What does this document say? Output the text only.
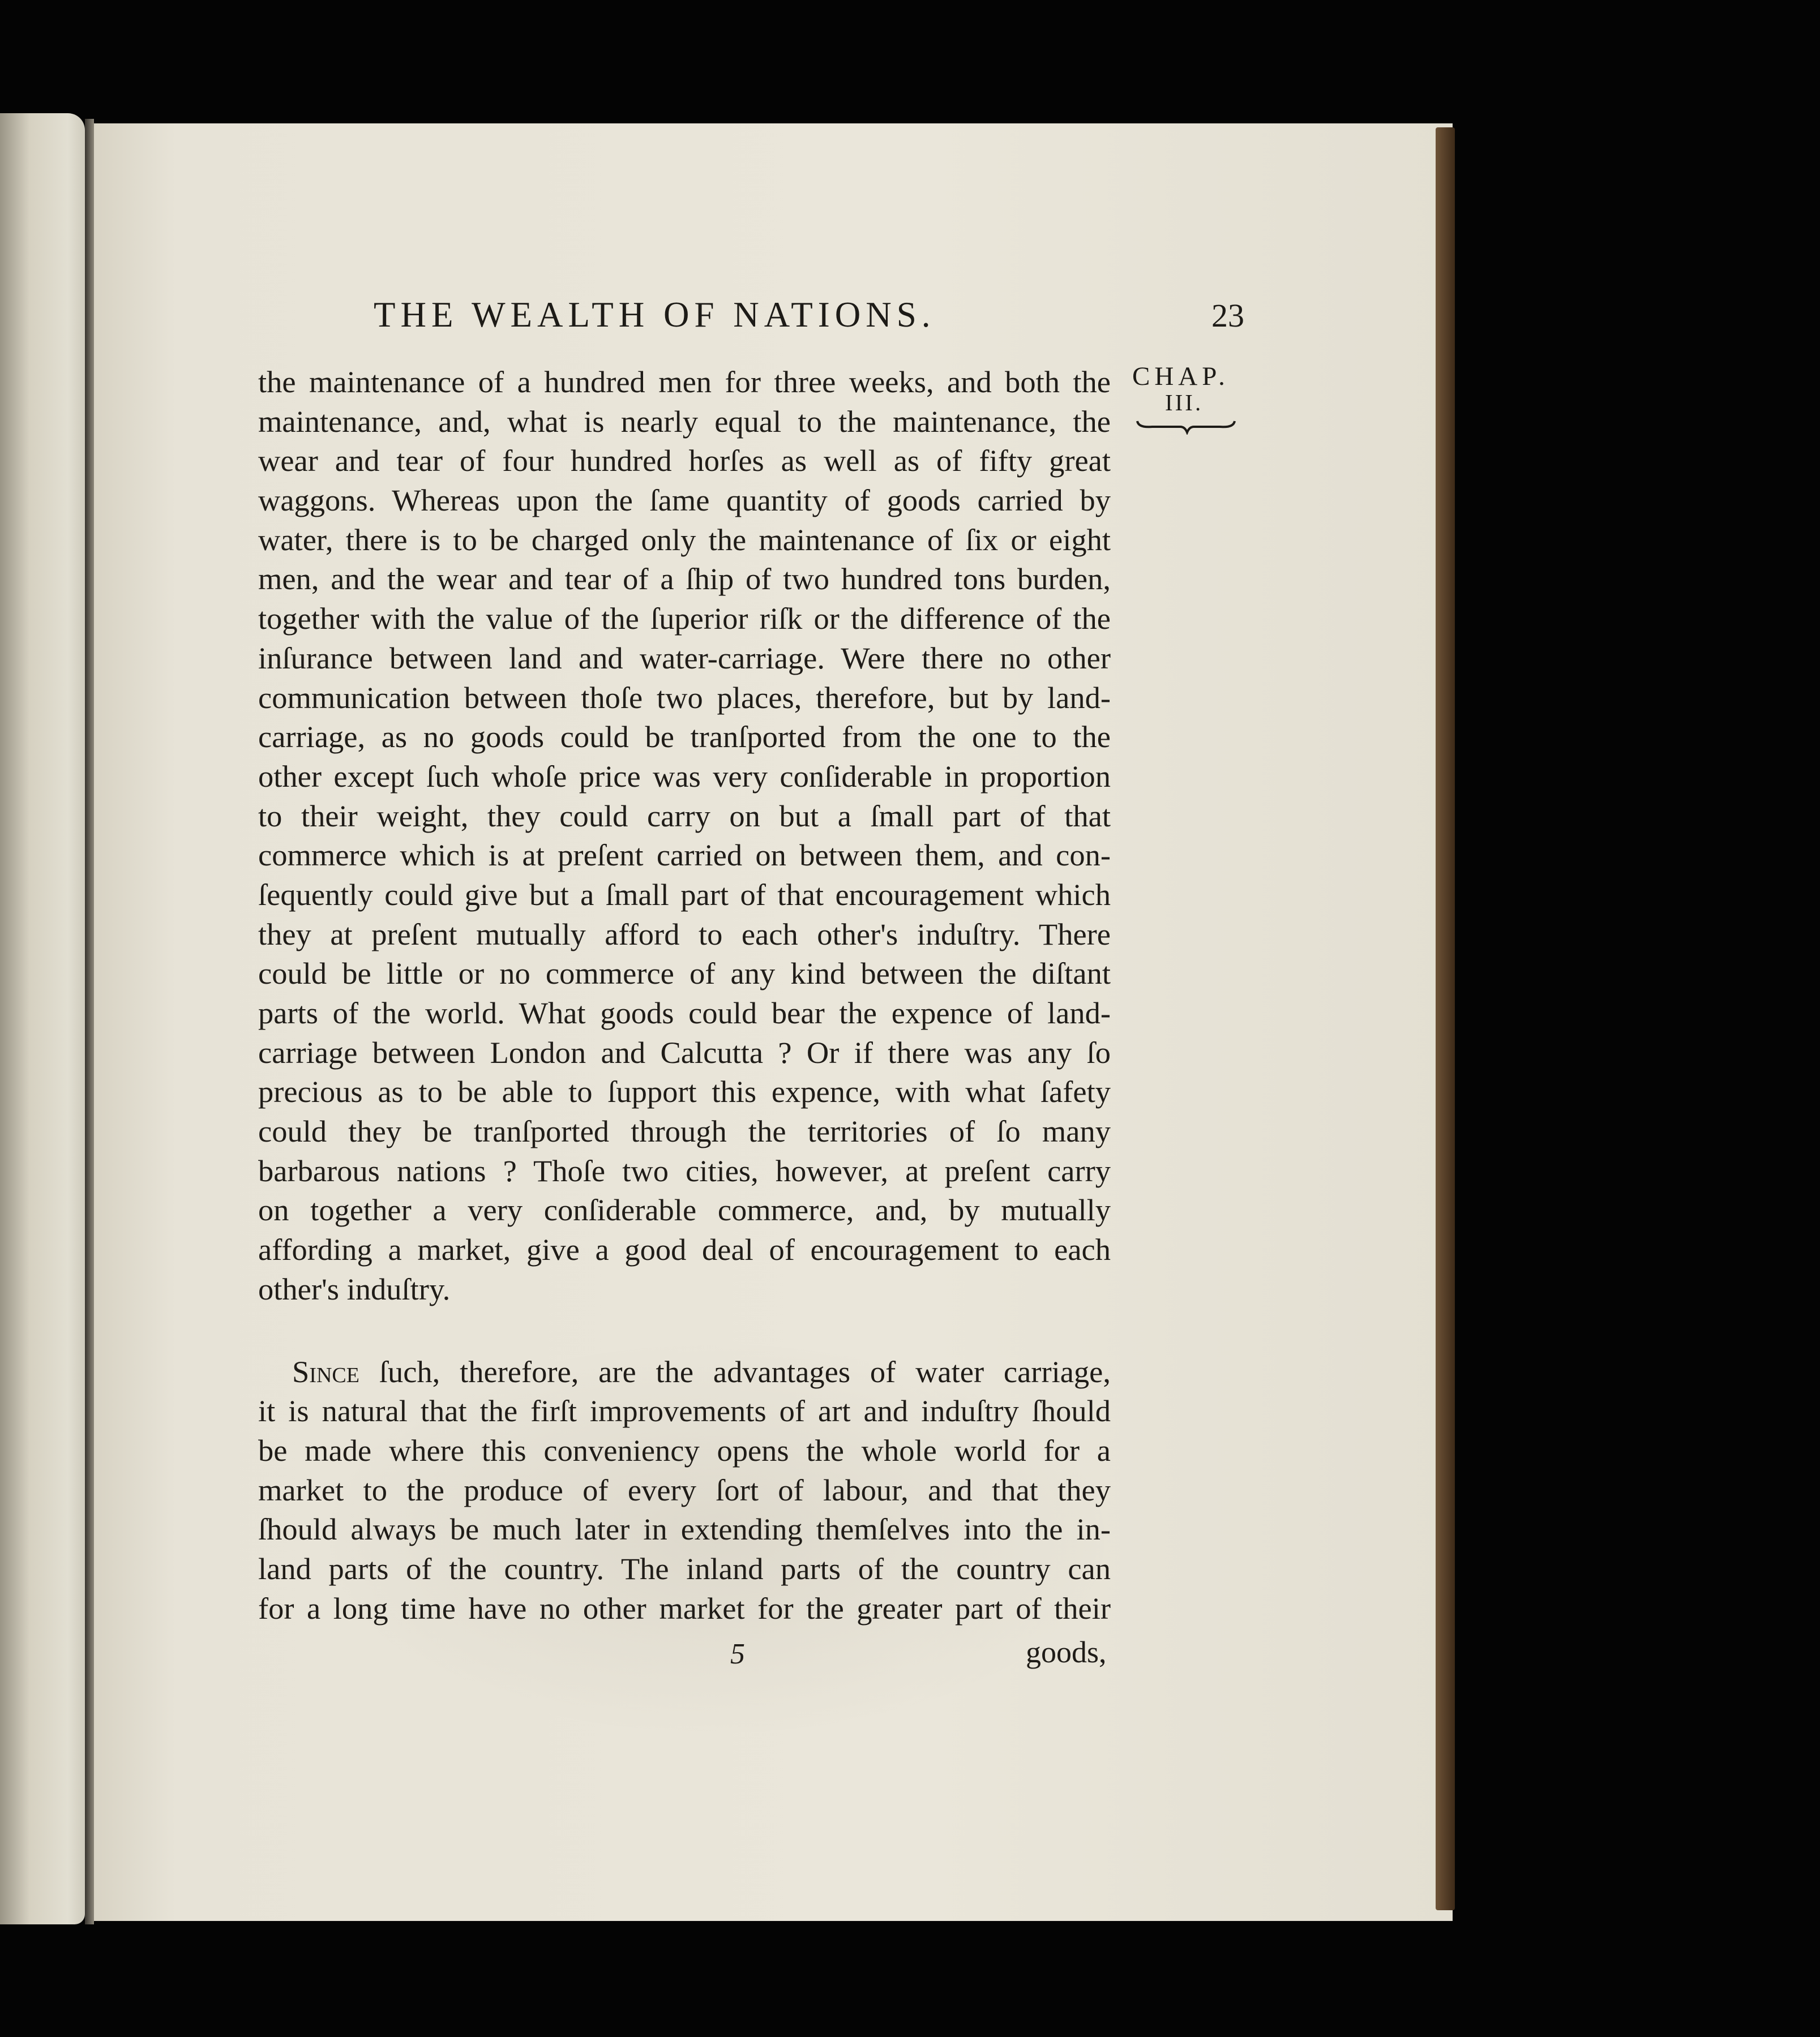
THE WEALTH OF NATIONS.	23
CHAP.
III.
the maintenance of a hundred men for three weeks, and both the
maintenance, and, what is nearly equal to the maintenance, the
wear and tear of four hundred horſes as well as of fifty great
waggons. Whereas upon the ſame quantity of goods carried by
water, there is to be charged only the maintenance of ſix or eight
men, and the wear and tear of a ſhip of two hundred tons burden,
together with the value of the ſuperior riſk or the difference of the
inſurance between land and water-carriage. Were there no other
communication between thoſe two places, therefore, but by land-
carriage, as no goods could be tranſported from the one to the
other except ſuch whoſe price was very conſiderable in proportion
to their weight, they could carry on but a ſmall part of that
commerce which is at preſent carried on between them, and con-
ſequently could give but a ſmall part of that encouragement which
they at preſent mutually afford to each other's induſtry. There
could be little or no commerce of any kind between the diſtant
parts of the world. What goods could bear the expence of land-
carriage between London and Calcutta ? Or if there was any ſo
precious as to be able to ſupport this expence, with what ſafety
could they be tranſported through the territories of ſo many
barbarous nations ? Thoſe two cities, however, at preſent carry
on together a very conſiderable commerce, and, by mutually
affording a market, give a good deal of encouragement to each
other's induſtry.
Since ſuch, therefore, are the advantages of water carriage,
it is natural that the firſt improvements of art and induſtry ſhould
be made where this conveniency opens the whole world for a
market to the produce of every ſort of labour, and that they
ſhould always be much later in extending themſelves into the in-
land parts of the country. The inland parts of the country can
for a long time have no other market for the greater part of their
5	goods,
